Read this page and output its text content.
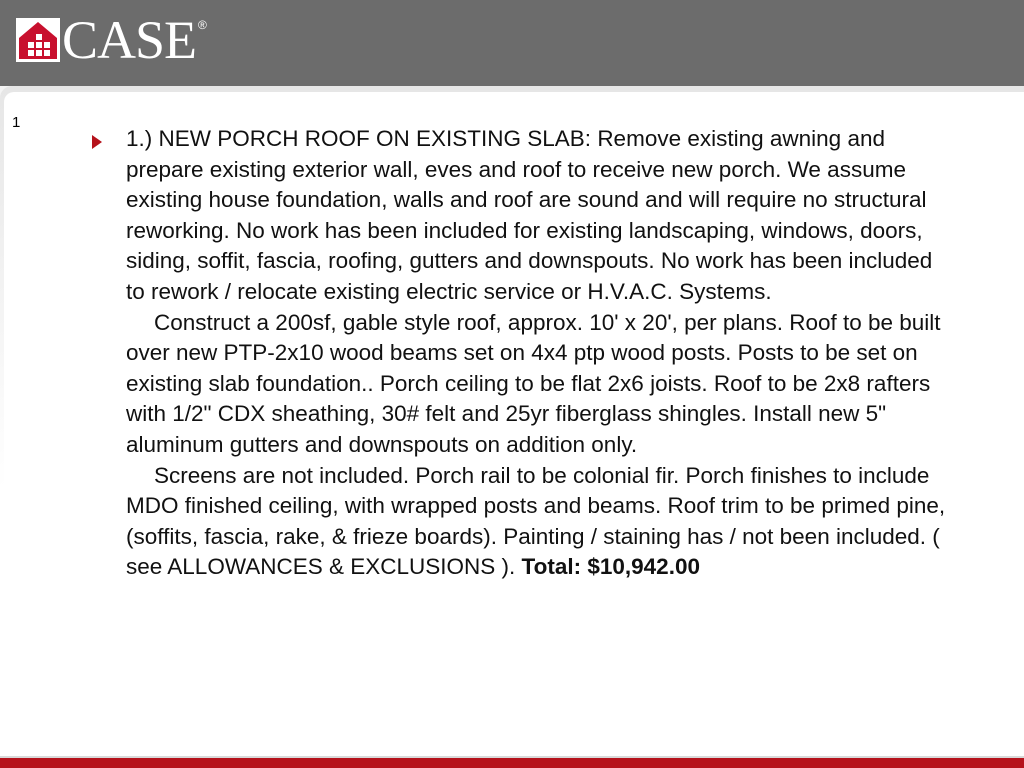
CASE ®
1

1.) NEW PORCH ROOF ON EXISTING SLAB: Remove existing awning and prepare existing exterior wall, eves and roof to receive new porch. We assume existing house foundation, walls and roof are sound and will require no structural reworking. No work has been included for existing landscaping, windows, doors, siding, soffit, fascia, roofing, gutters and downspouts. No work has been included to rework / relocate existing electric service or H.V.A.C. Systems.

Construct a 200sf, gable style roof, approx. 10' x 20', per plans. Roof to be built over new PTP-2x10 wood beams set on 4x4 ptp wood posts. Posts to be set on existing slab foundation.. Porch ceiling to be flat 2x6 joists. Roof to be 2x8 rafters with 1/2" CDX sheathing, 30# felt and 25yr fiberglass shingles. Install new 5" aluminum gutters and downspouts on addition only.

Screens are not included. Porch rail to be colonial fir. Porch finishes to include MDO finished ceiling, with wrapped posts and beams. Roof trim to be primed pine, (soffits, fascia, rake, & frieze boards). Painting / staining has / not been included. ( see ALLOWANCES & EXCLUSIONS ). Total: $10,942.00
